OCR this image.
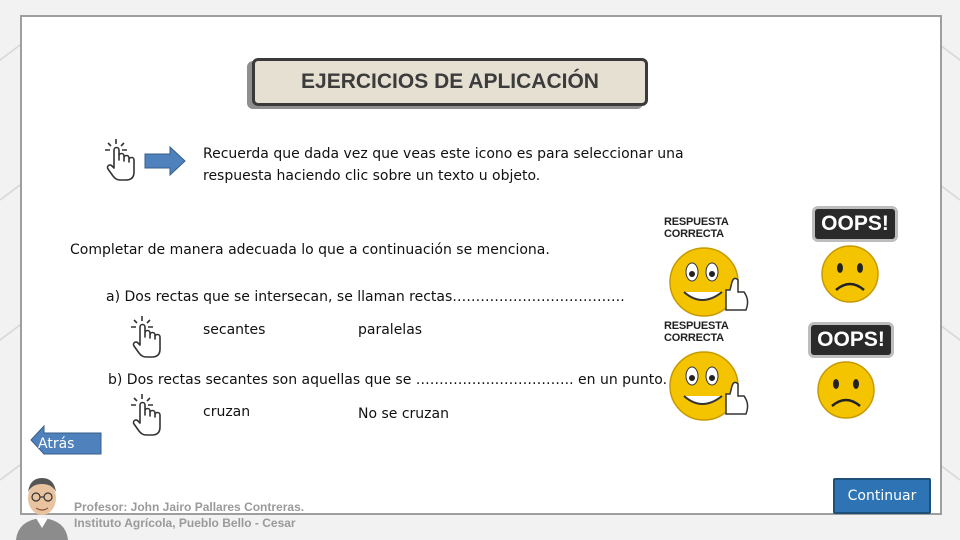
EJERCICIOS DE APLICACIÓN
Recuerda que dada vez que veas este icono es para seleccionar una respuesta haciendo clic sobre un texto u objeto.
Completar de manera adecuada lo que a continuación se menciona.
a) Dos rectas que se intersecan, se llaman rectas……………………………….
secantes	paralelas
b) Dos rectas secantes son aquellas que se ……………..…………….. en un punto.
cruzan	No se cruzan
RESPUESTA CORRECTA	OOPS!
RESPUESTA CORRECTA	OOPS!
Atrás
Profesor: John Jairo Pallares Contreras.
Instituto Agrícola, Pueblo Bello - Cesar
Continuar
